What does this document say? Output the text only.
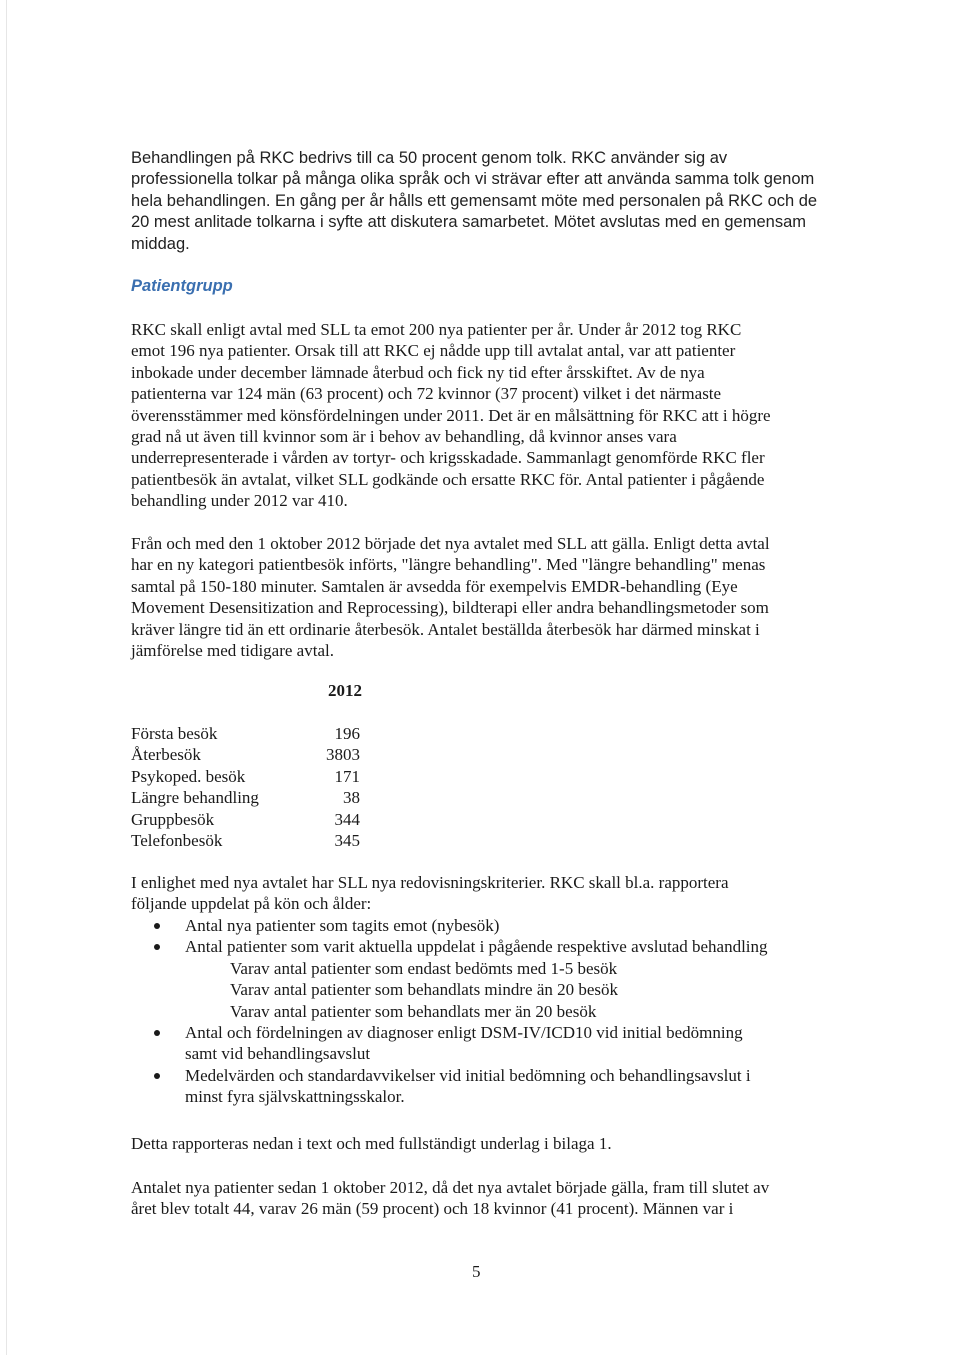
Behandlingen på RKC bedrivs till ca 50 procent genom tolk. RKC använder sig av
professionella tolkar på många olika språk och vi strävar efter att använda samma tolk genom
hela behandlingen. En gång per år hålls ett gemensamt möte med personalen på RKC och de
20 mest anlitade tolkarna i syfte att diskutera samarbetet. Mötet avslutas med en gemensam
middag.

Patientgrupp

RKC skall enligt avtal med SLL ta emot 200 nya patienter per år. Under år 2012 tog RKC
emot 196 nya patienter. Orsak till att RKC ej nådde upp till avtalat antal, var att patienter
inbokade under december lämnade återbud och fick ny tid efter årsskiftet. Av de nya
patienterna var 124 män (63 procent) och 72 kvinnor (37 procent) vilket i det närmaste
överensstämmer med könsfördelningen under 2011. Det är en målsättning för RKC att i högre
grad nå ut även till kvinnor som är i behov av behandling, då kvinnor anses vara
underrepresenterade i vården av tortyr- och krigsskadade. Sammanlagt genomförde RKC fler
patientbesök än avtalat, vilket SLL godkände och ersatte RKC för. Antal patienter i pågående
behandling under 2012 var 410.

Från och med den 1 oktober 2012 började det nya avtalet med SLL att gälla. Enligt detta avtal
har en ny kategori patientbesök införts, "längre behandling". Med "längre behandling" menas
samtal på 150-180 minuter. Samtalen är avsedda för exempelvis EMDR-behandling (Eye
Movement Desensitization and Reprocessing), bildterapi eller andra behandlingsmetoder som
kräver längre tid än ett ordinarie återbesök. Antalet beställda återbesök har därmed minskat i
jämförelse med tidigare avtal.

2012
Första besök	196
Återbesök	3803
Psykoped. besök	171
Längre behandling	38
Gruppbesök	344
Telefonbesök	345

I enlighet med nya avtalet har SLL nya redovisningskriterier. RKC skall bl.a. rapportera
följande uppdelat på kön och ålder:

Antal nya patienter som tagits emot (nybesök)
Antal patienter som varit aktuella uppdelat i pågående respektive avslutad behandling
Varav antal patienter som endast bedömts med 1-5 besök
Varav antal patienter som behandlats mindre än 20 besök
Varav antal patienter som behandlats mer än 20 besök
Antal och fördelningen av diagnoser enligt DSM-IV/ICD10 vid initial bedömning
samt vid behandlingsavslut
Medelvärden och standardavvikelser vid initial bedömning och behandlingsavslut i
minst fyra självskattningsskalor.

Detta rapporteras nedan i text och med fullständigt underlag i bilaga 1.

Antalet nya patienter sedan 1 oktober 2012, då det nya avtalet började gälla, fram till slutet av
året blev totalt 44, varav 26 män (59 procent) och 18 kvinnor (41 procent). Männen var i

5
